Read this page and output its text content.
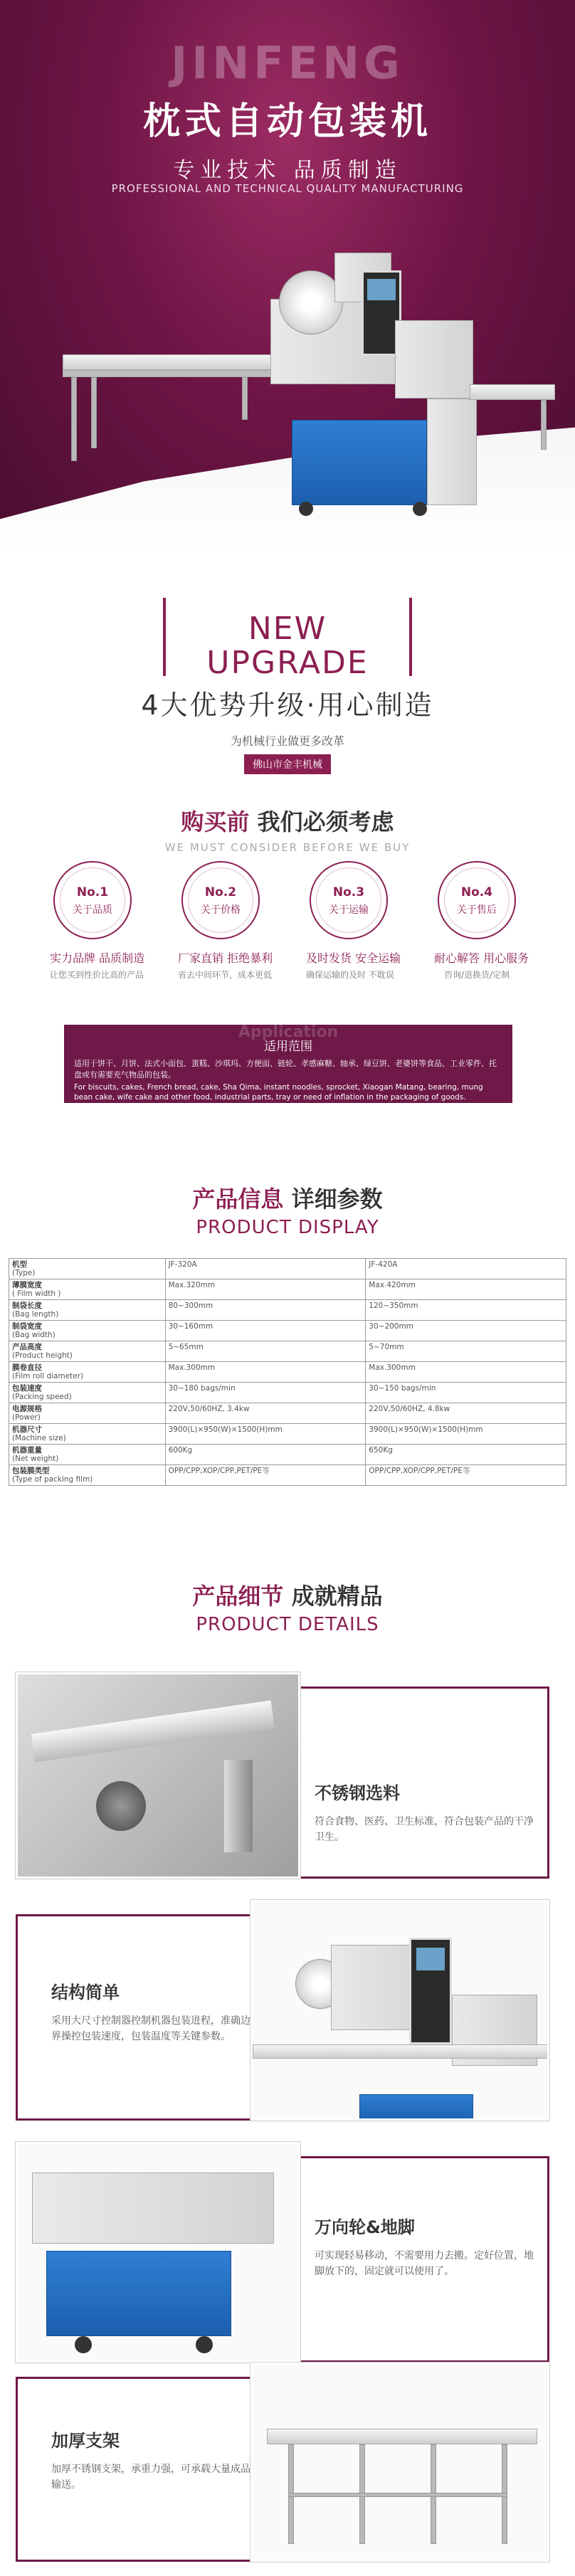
JINFENG
枕式自动包装机
专业技术 品质制造
PROFESSIONAL AND TECHNICAL QUALITY MANUFACTURING
NEW
UPGRADE
4大优势升级·用心制造
为机械行业做更多改革
佛山市金丰机械
购买前 我们必须考虑
WE MUST CONSIDER BEFORE WE BUY
No.1
关于品质
实力品牌 品质制造
让您买到性价比高的产品
No.2
关于价格
厂家直销 拒绝暴利
省去中间环节，成本更低
No.3
关于运输
及时发货 安全运输
确保运输的及时 不耽误
No.4
关于售后
耐心解答 用心服务
咨询/退换货/定制
Application
适用范围
适用于饼干、月饼、法式小面包、蛋糕、沙琪玛、方便面、链轮、孝感麻糖、轴承、绿豆饼、老婆饼等食品、工业零件、托盘或有需要充气物品的包装。
For biscuits, cakes, French bread, cake, Sha Qima, instant noodles, sprocket, Xiaogan Matang, bearing, mung bean cake, wife cake and other food, industrial parts, tray or need of inflation in the packaging of goods.
产品信息 详细参数
PRODUCT DISPLAY
机型
(Type)	JF-320A	JF-420A
薄膜宽度
( Film width )	Max.320mm	Max.420mm
制袋长度
(Bag length)	80~300mm	120~350mm
制袋宽度
(Bag width)	30~160mm	30~200mm
产品高度
(Product height)	5~65mm	5~70mm
膜卷直径
(Film roll diameter)	Max.300mm	Max.300mm
包装速度
(Packing speed)	30~180 bags/min	30~150 bags/min
电源规格
(Power)	220V,50/60HZ, 3.4kw	220V,50/60HZ, 4.8kw
机器尺寸
(Machine size)	3900(L)×950(W)×1500(H)mm	3900(L)×950(W)×1500(H)mm
机器重量
(Net weight)	600Kg	650Kg
包装膜类型
(Type of packing film)	OPP/CPP,XOP/CPP,PET/PE等	OPP/CPP,XOP/CPP,PET/PE等
产品细节 成就精品
PRODUCT DETAILS
不锈钢选料
符合食物、医药、卫生标准，符合包装产品的干净卫生。
结构简单
采用大尺寸控制器控制机器包装进程，准确边界操控包装速度，包装温度等关键参数。
万向轮&地脚
可实现轻易移动，不需要用力去搬。定好位置，地脚放下的，固定就可以使用了。
加厚支架
加厚不锈钢支架，承重力强，可承载大量成品输送。
